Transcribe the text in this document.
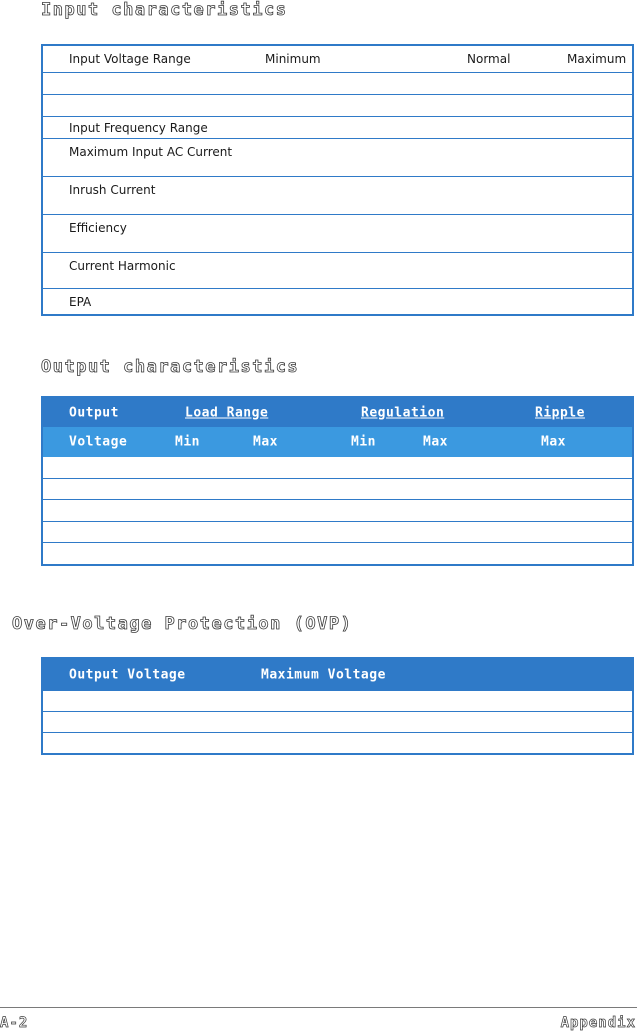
Input characteristics
Input Voltage Range	Minimum	Normal	Maximum
Input Frequency Range
Maximum Input AC Current
Inrush Current
Efficiency
Current Harmonic
EPA
Output characteristics
Output	Load Range	Regulation	Ripple
Voltage	Min	Max	Min	Max	Max
Over-Voltage Protection (OVP)
Output Voltage	Maximum Voltage
A-2	Appendix
